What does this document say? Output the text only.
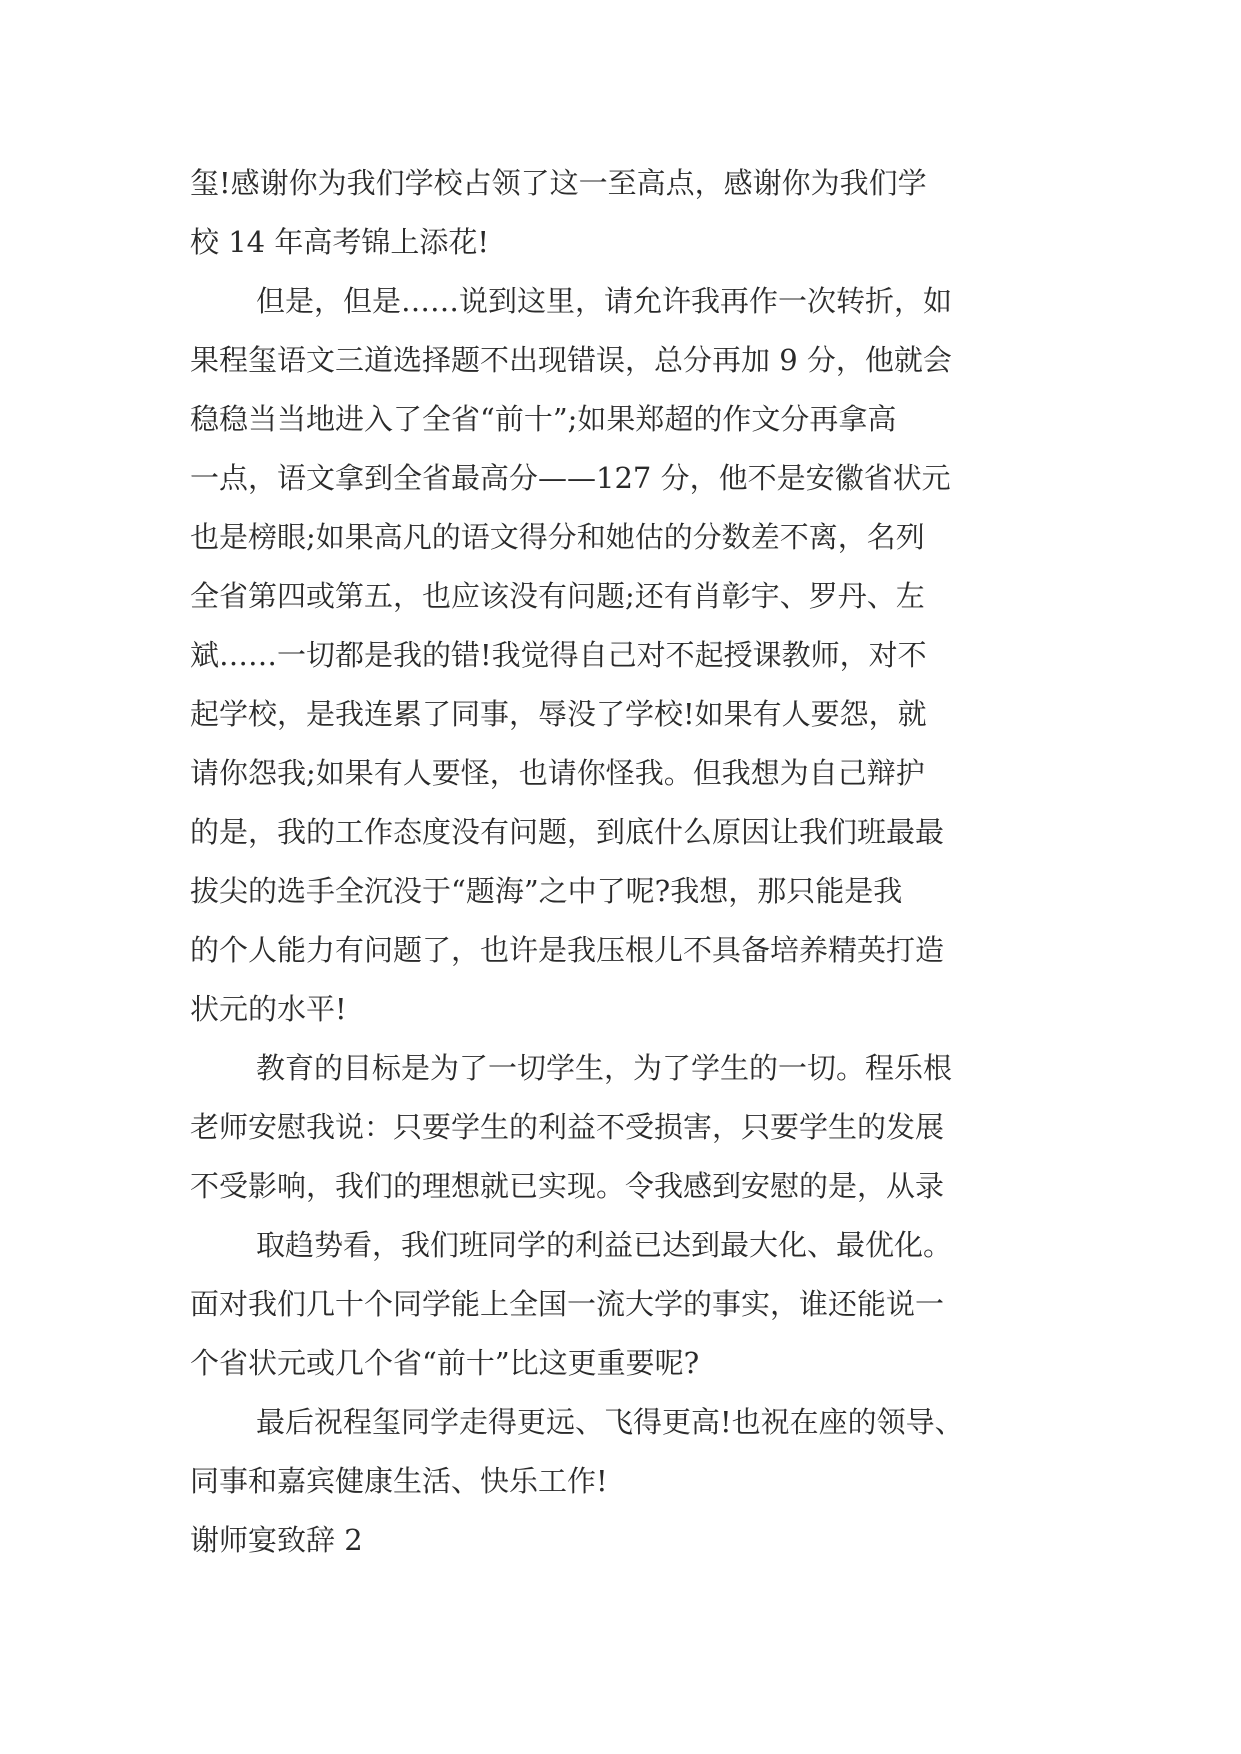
玺!感谢你为我们学校占领了这一至高点，感谢你为我们学
校 14 年高考锦上添花!
但是，但是……说到这里，请允许我再作一次转折，如
果程玺语文三道选择题不出现错误，总分再加 9 分，他就会
稳稳当当地进入了全省“前十”;如果郑超的作文分再拿高
一点，语文拿到全省最高分——127 分，他不是安徽省状元
也是榜眼;如果高凡的语文得分和她估的分数差不离，名列
全省第四或第五，也应该没有问题;还有肖彰宇、罗丹、左
斌……一切都是我的错!我觉得自己对不起授课教师，对不
起学校，是我连累了同事，辱没了学校!如果有人要怨，就
请你怨我;如果有人要怪，也请你怪我。但我想为自己辩护
的是，我的工作态度没有问题，到底什么原因让我们班最最
拔尖的选手全沉没于“题海”之中了呢?我想，那只能是我
的个人能力有问题了，也许是我压根儿不具备培养精英打造
状元的水平!
教育的目标是为了一切学生，为了学生的一切。程乐根
老师安慰我说：只要学生的利益不受损害，只要学生的发展
不受影响，我们的理想就已实现。令我感到安慰的是，从录
取趋势看，我们班同学的利益已达到最大化、最优化。
面对我们几十个同学能上全国一流大学的事实，谁还能说一
个省状元或几个省“前十”比这更重要呢?
最后祝程玺同学走得更远、飞得更高!也祝在座的领导、
同事和嘉宾健康生活、快乐工作!
谢师宴致辞 2
